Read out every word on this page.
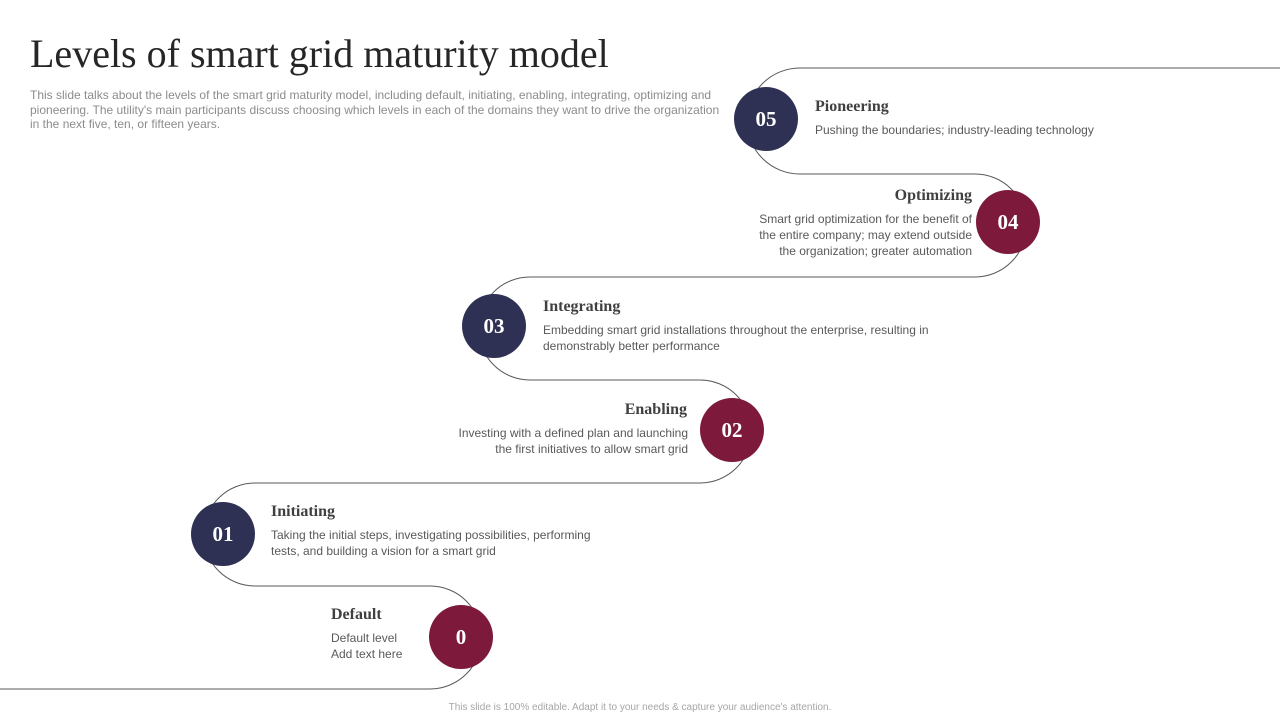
Levels of smart grid maturity model

This slide talks about the levels of the smart grid maturity model, including default, initiating, enabling, integrating, optimizing and pioneering. The utility's main participants discuss choosing which levels in each of the domains they want to drive the organization in the next five, ten, or fifteen years.

0
Default

Default level
Add text here

01
Initiating

Taking the initial steps, investigating possibilities, performing
tests, and building a vision for a smart grid

02
Enabling

Investing with a defined plan and launching
the first initiatives to allow smart grid

03
Integrating

Embedding smart grid installations throughout the enterprise, resulting in
demonstrably better performance

04
Optimizing

Smart grid optimization for the benefit of
the entire company; may extend outside
the organization; greater automation

05	Pioneering

Pushing the boundaries; industry-leading technology

This slide is 100% editable. Adapt it to your needs & capture your audience's attention.
